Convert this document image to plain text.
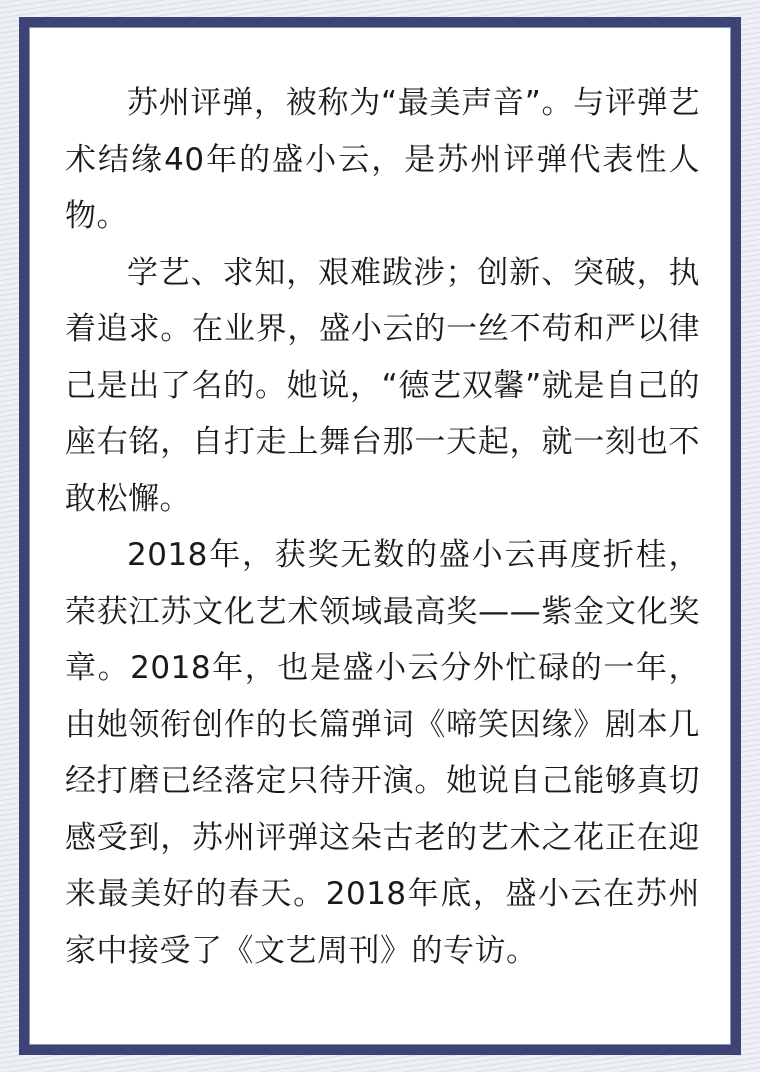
苏州评弹，被称为“最美声音”。与评弹艺术结缘40年的盛小云，是苏州评弹代表性人物。

学艺、求知，艰难跋涉；创新、突破，执着追求。在业界，盛小云的一丝不苟和严以律己是出了名的。她说，“德艺双馨”就是自己的座右铭，自打走上舞台那一天起，就一刻也不敢松懈。

2018年，获奖无数的盛小云再度折桂，荣获江苏文化艺术领域最高奖——紫金文化奖章。2018年，也是盛小云分外忙碌的一年，由她领衔创作的长篇弹词《啼笑因缘》剧本几经打磨已经落定只待开演。她说自己能够真切感受到，苏州评弹这朵古老的艺术之花正在迎来最美好的春天。2018年底，盛小云在苏州家中接受了《文艺周刊》的专访。
